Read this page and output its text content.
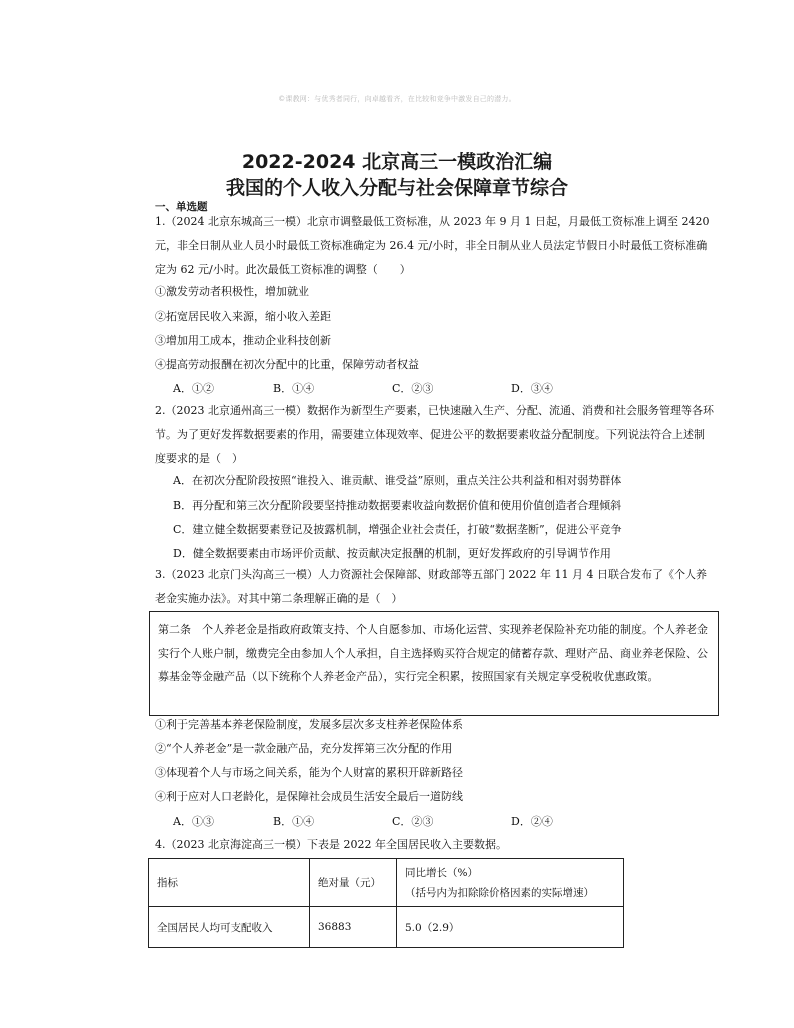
©课教网：与优秀者同行，向卓越看齐，在比较和竞争中激发自己的潜力。
2022-2024 北京高三一模政治汇编
我国的个人收入分配与社会保障章节综合
一、单选题
1.（2024 北京东城高三一模）北京市调整最低工资标准，从 2023 年 9 月 1 日起，月最低工资标准上调至 2420 元，非全日制从业人员小时最低工资标准确定为 26.4 元/小时，非全日制从业人员法定节假日小时最低工资标准确定为 62 元/小时。此次最低工资标准的调整（　　）
①激发劳动者积极性，增加就业
②拓宽居民收入来源，缩小收入差距
③增加用工成本，推动企业科技创新
④提高劳动报酬在初次分配中的比重，保障劳动者权益
A．①②	B．①④	C．②③	D．③④
2.（2023 北京通州高三一模）数据作为新型生产要素，已快速融入生产、分配、流通、消费和社会服务管理等各环节。为了更好发挥数据要素的作用，需要建立体现效率、促进公平的数据要素收益分配制度。下列说法符合上述制度要求的是（　）
A．在初次分配阶段按照“谁投入、谁贡献、谁受益”原则，重点关注公共利益和相对弱势群体
B．再分配和第三次分配阶段要坚持推动数据要素收益向数据价值和使用价值创造者合理倾斜
C．建立健全数据要素登记及披露机制，增强企业社会责任，打破“数据垄断”，促进公平竞争
D．健全数据要素由市场评价贡献、按贡献决定报酬的机制，更好发挥政府的引导调节作用
3.（2023 北京门头沟高三一模）人力资源社会保障部、财政部等五部门 2022 年 11 月 4 日联合发布了《个人养老金实施办法》。对其中第二条理解正确的是（　）
第二条　个人养老金是指政府政策支持、个人自愿参加、市场化运营、实现养老保险补充功能的制度。个人养老金实行个人账户制，缴费完全由参加人个人承担，自主选择购买符合规定的储蓄存款、理财产品、商业养老保险、公募基金等金融产品（以下统称个人养老金产品），实行完全积累，按照国家有关规定享受税收优惠政策。
①利于完善基本养老保险制度，发展多层次多支柱养老保险体系
②“个人养老金”是一款金融产品，充分发挥第三次分配的作用
③体现着个人与市场之间关系，能为个人财富的累积开辟新路径
④利于应对人口老龄化，是保障社会成员生活安全最后一道防线
A．①③	B．①④	C．②③	D．②④
4.（2023 北京海淀高三一模）下表是 2022 年全国居民收入主要数据。
指标	绝对量（元）	同比增长（%）
（括号内为扣除除价格因素的实际增速）

全国居民人均可支配收入	36883	5.0（2.9）
